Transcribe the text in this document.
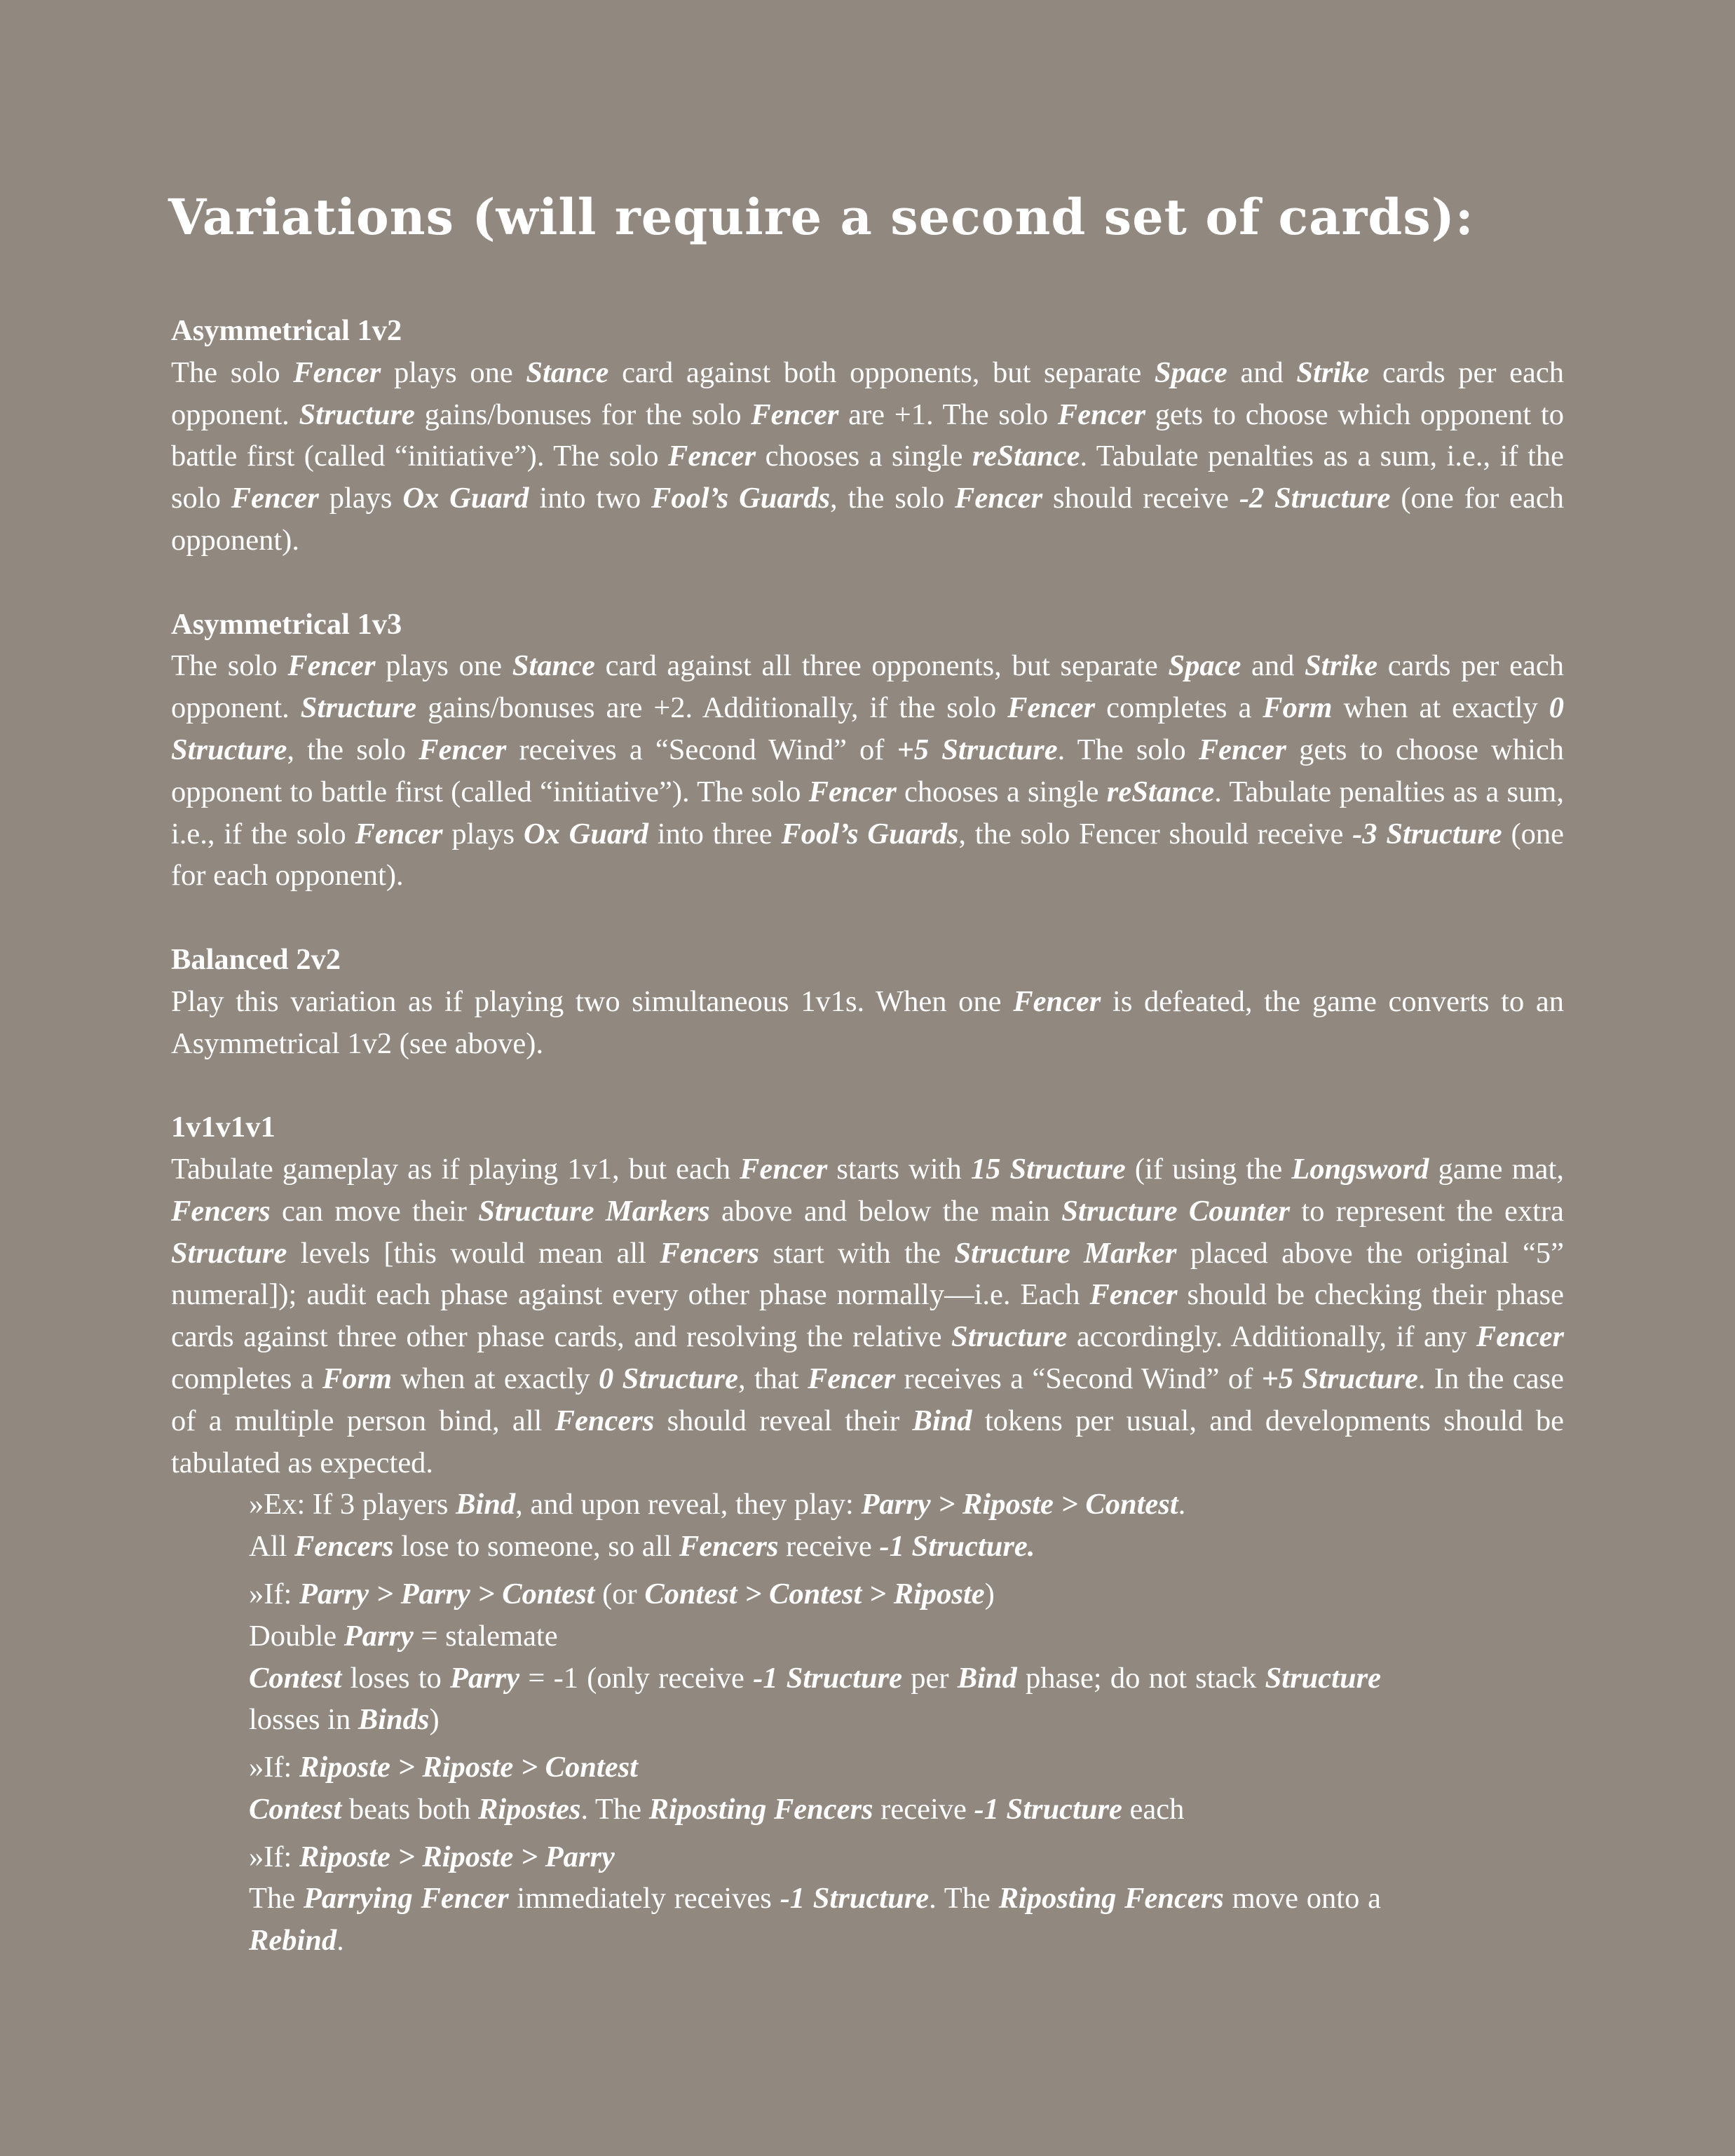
Variations (will require a second set of cards):
Asymmetrical 1v2

The solo Fencer plays one Stance card against both opponents, but separate Space and Strike cards per each opponent. Structure gains/bonuses for the solo Fencer are +1. The solo Fencer gets to choose which opponent to battle first (called “initiative”). The solo Fencer chooses a single reStance. Tabulate penalties as a sum, i.e., if the solo Fencer plays Ox Guard into two Fool’s Guards, the solo Fencer should receive -2 Structure (one for each opponent).

Asymmetrical 1v3

The solo Fencer plays one Stance card against all three opponents, but separate Space and Strike cards per each opponent. Structure gains/bonuses are +2. Additionally, if the solo Fencer completes a Form when at exactly 0 Structure, the solo Fencer receives a “Second Wind” of +5 Structure. The solo Fencer gets to choose which opponent to battle first (called “initiative”). The solo Fencer chooses a single reStance. Tabulate penalties as a sum, i.e., if the solo Fencer plays Ox Guard into three Fool’s Guards, the solo Fencer should receive -3 Structure (one for each opponent).

Balanced 2v2

Play this variation as if playing two simultaneous 1v1s. When one Fencer is defeated, the game converts to an Asymmetrical 1v2 (see above).

1v1v1v1

Tabulate gameplay as if playing 1v1, but each Fencer starts with 15 Structure (if using the Longsword game mat, Fencers can move their Structure Markers above and below the main Structure Counter to represent the extra Structure levels [this would mean all Fencers start with the Structure Marker placed above the original “5” numeral]); audit each phase against every other phase normally—i.e. Each Fencer should be checking their phase cards against three other phase cards, and resolving the relative Structure accordingly. Additionally, if any Fencer completes a Form when at exactly 0 Structure, that Fencer receives a “Second Wind” of +5 Structure. In the case of a multiple person bind, all Fencers should reveal their Bind tokens per usual, and developments should be tabulated as expected.

»Ex: If 3 players Bind, and upon reveal, they play: Parry > Riposte > Contest.
All Fencers lose to someone, so all Fencers receive -1 Structure.
»If: Parry > Parry > Contest (or Contest > Contest > Riposte)
Double Parry = stalemate

Contest loses to Parry = -1 (only receive -1 Structure per Bind phase; do not stack Structure losses in Binds)

»If: Riposte > Riposte > Contest
Contest beats both Ripostes. The Riposting Fencers receive -1 Structure each
»If: Riposte > Riposte > Parry

The Parrying Fencer immediately receives -1 Structure. The Riposting Fencers move onto a Rebind.
